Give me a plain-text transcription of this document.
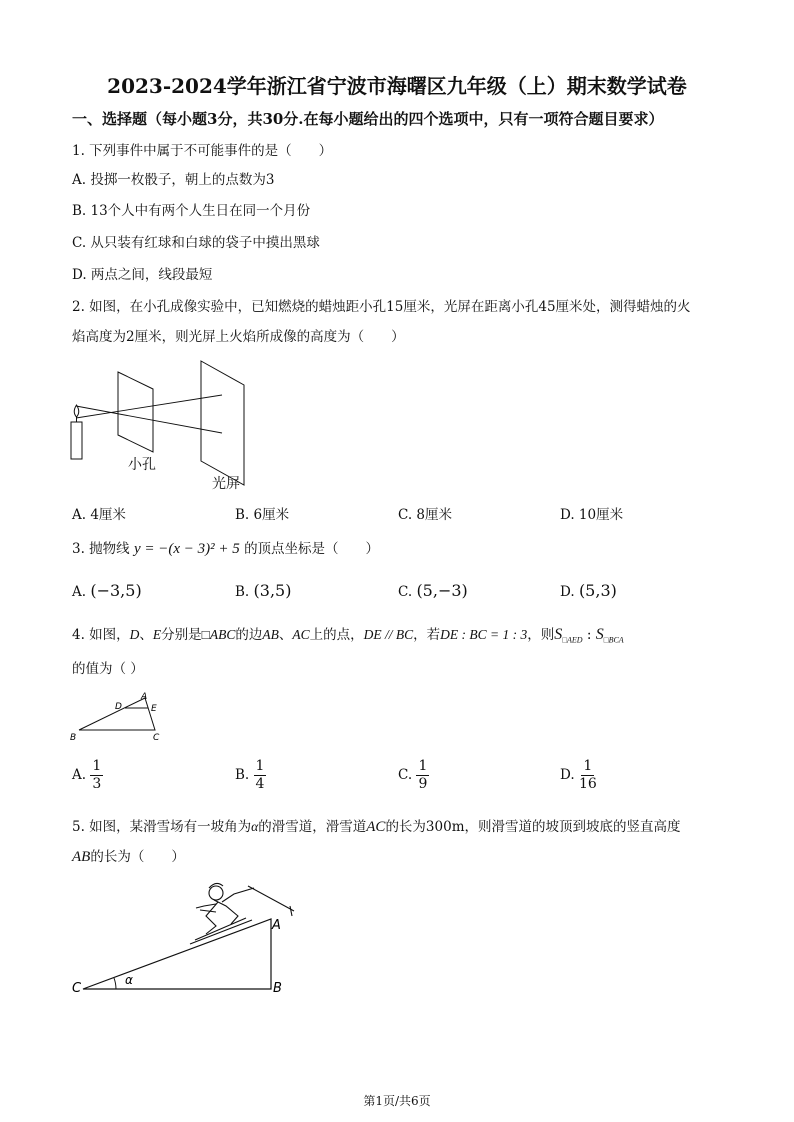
2023-2024学年浙江省宁波市海曙区九年级（上）期末数学试卷
一、选择题（每小题3分，共30分.在每小题给出的四个选项中，只有一项符合题目要求）
1. 下列事件中属于不可能事件的是（　　）
A. 投掷一枚骰子，朝上的点数为3
B. 13个人中有两个人生日在同一个月份
C. 从只装有红球和白球的袋子中摸出黑球
D. 两点之间，线段最短
2. 如图，在小孔成像实验中，已知燃烧的蜡烛距小孔15厘米，光屏在距离小孔45厘米处，测得蜡烛的火
焰高度为2厘米，则光屏上火焰所成像的高度为（　　）
小孔
光屏
A. 4厘米	B. 6厘米	C. 8厘米	D. 10厘米
3. 抛物线 y = −(x − 3)² + 5 的顶点坐标是（　　）
A. (−3,5)	B. (3,5)	C. (5,−3)	D. (5,3)
4. 如图，D、E分别是□ABC的边AB、AC上的点，DE // BC，若DE : BC = 1 : 3，则$S_{□AED}$ : $S_{□BCA}$
的值为（ ）
A
D	E
B	C
A. $\frac{1}{3}$	B. $\frac{1}{4}$	C. $\frac{1}{9}$	D. $\frac{1}{16}$
5. 如图，某滑雪场有一坡角为α的滑雪道，滑雪道AC的长为300m，则滑雪道的坡顶到坡底的竖直高度
AB的长为（　　）
C	B
A
α
第1页/共6页
